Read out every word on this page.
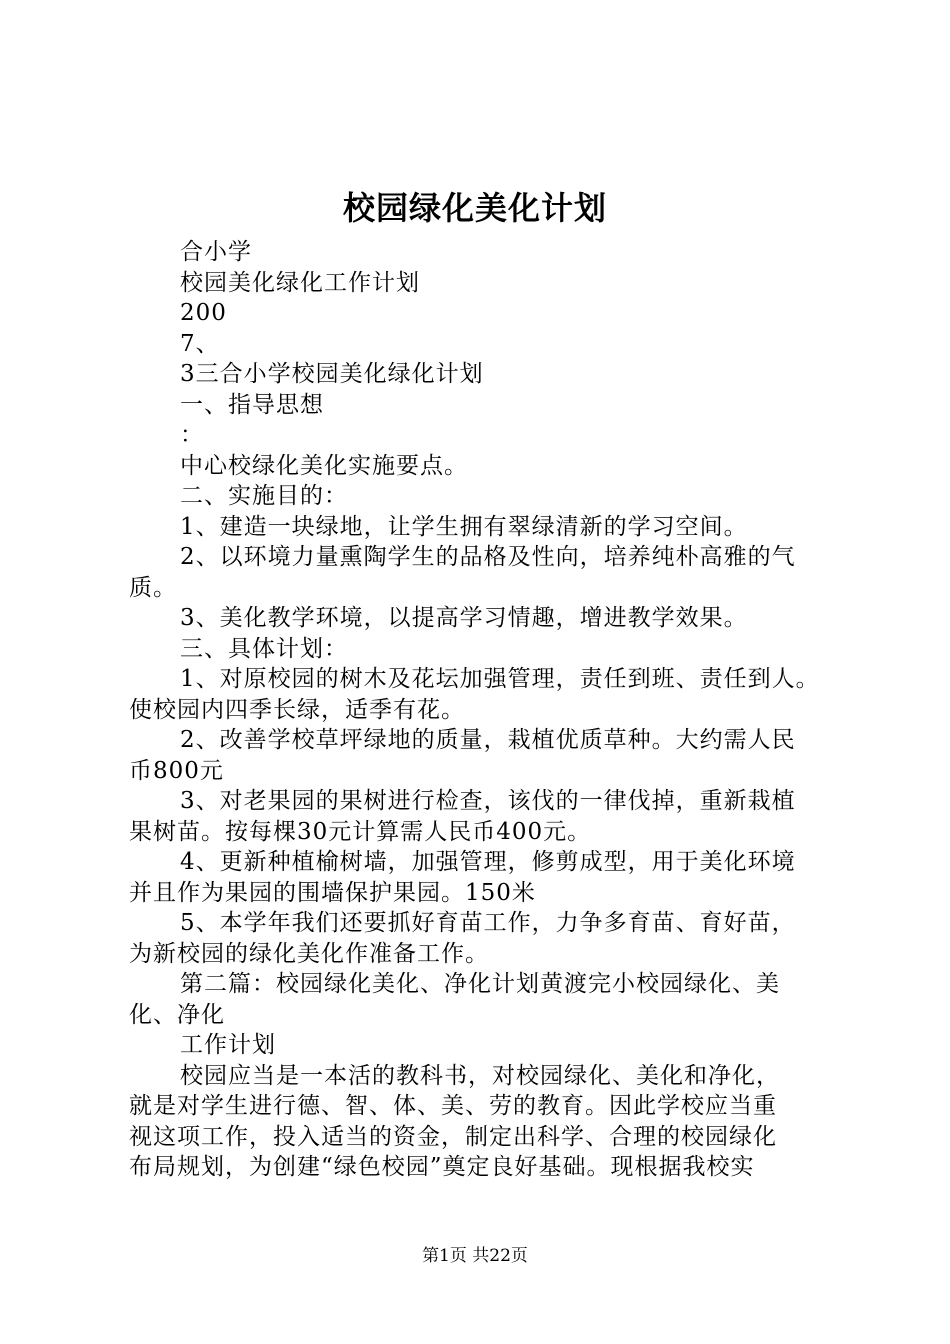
校园绿化美化计划
合小学
校园美化绿化工作计划
200
7、
3三合小学校园美化绿化计划
一、指导思想
：
中心校绿化美化实施要点。
二、实施目的：
1、建造一块绿地，让学生拥有翠绿清新的学习空间。
2、以环境力量熏陶学生的品格及性向，培养纯朴高雅的气
质。
3、美化教学环境，以提高学习情趣，增进教学效果。
三、具体计划：
1、对原校园的树木及花坛加强管理，责任到班、责任到人。
使校园内四季长绿，适季有花。
2、改善学校草坪绿地的质量，栽植优质草种。大约需人民
币800元
3、对老果园的果树进行检查，该伐的一律伐掉，重新栽植
果树苗。按每棵30元计算需人民币400元。
4、更新种植榆树墙，加强管理，修剪成型，用于美化环境
并且作为果园的围墙保护果园。150米
5、本学年我们还要抓好育苗工作，力争多育苗、育好苗，
为新校园的绿化美化作准备工作。
第二篇：校园绿化美化、净化计划黄渡完小校园绿化、美
化、净化
工作计划
校园应当是一本活的教科书，对校园绿化、美化和净化，
就是对学生进行德、智、体、美、劳的教育。因此学校应当重
视这项工作，投入适当的资金，制定出科学、合理的校园绿化
布局规划，为创建“绿色校园”奠定良好基础。现根据我校实
第1页 共22页
